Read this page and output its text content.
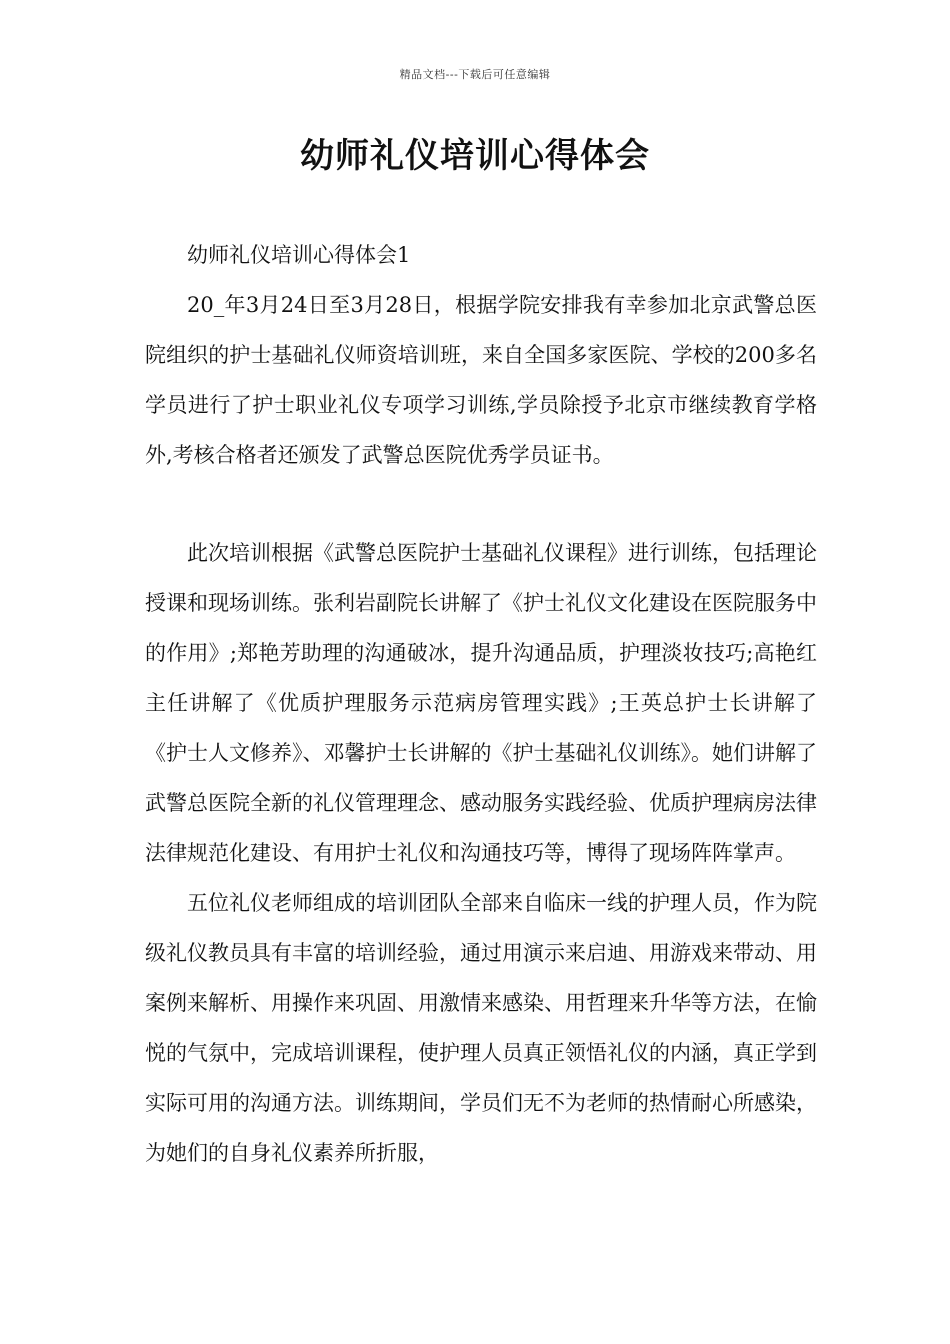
精品文档---下载后可任意编辑
幼师礼仪培训心得体会

幼师礼仪培训心得体会1

20_年3月24日至3月28日，根据学院安排我有幸参加北京武警总医院组织的护士基础礼仪师资培训班，来自全国多家医院、学校的200多名学员进行了护士职业礼仪专项学习训练,学员除授予北京市继续教育学格外,考核合格者还颁发了武警总医院优秀学员证书。

此次培训根据《武警总医院护士基础礼仪课程》进行训练，包括理论授课和现场训练。张利岩副院长讲解了《护士礼仪文化建设在医院服务中的作用》;郑艳芳助理的沟通破冰，提升沟通品质，护理淡妆技巧;高艳红主任讲解了《优质护理服务示范病房管理实践》;王英总护士长讲解了《护士人文修养》、邓馨护士长讲解的《护士基础礼仪训练》。她们讲解了武警总医院全新的礼仪管理理念、感动服务实践经验、优质护理病房法律法律规范化建设、有用护士礼仪和沟通技巧等，博得了现场阵阵掌声。

五位礼仪老师组成的培训团队全部来自临床一线的护理人员，作为院级礼仪教员具有丰富的培训经验，通过用演示来启迪、用游戏来带动、用案例来解析、用操作来巩固、用激情来感染、用哲理来升华等方法，在愉悦的气氛中，完成培训课程，使护理人员真正领悟礼仪的内涵，真正学到实际可用的沟通方法。训练期间，学员们无不为老师的热情耐心所感染，为她们的自身礼仪素养所折服，
